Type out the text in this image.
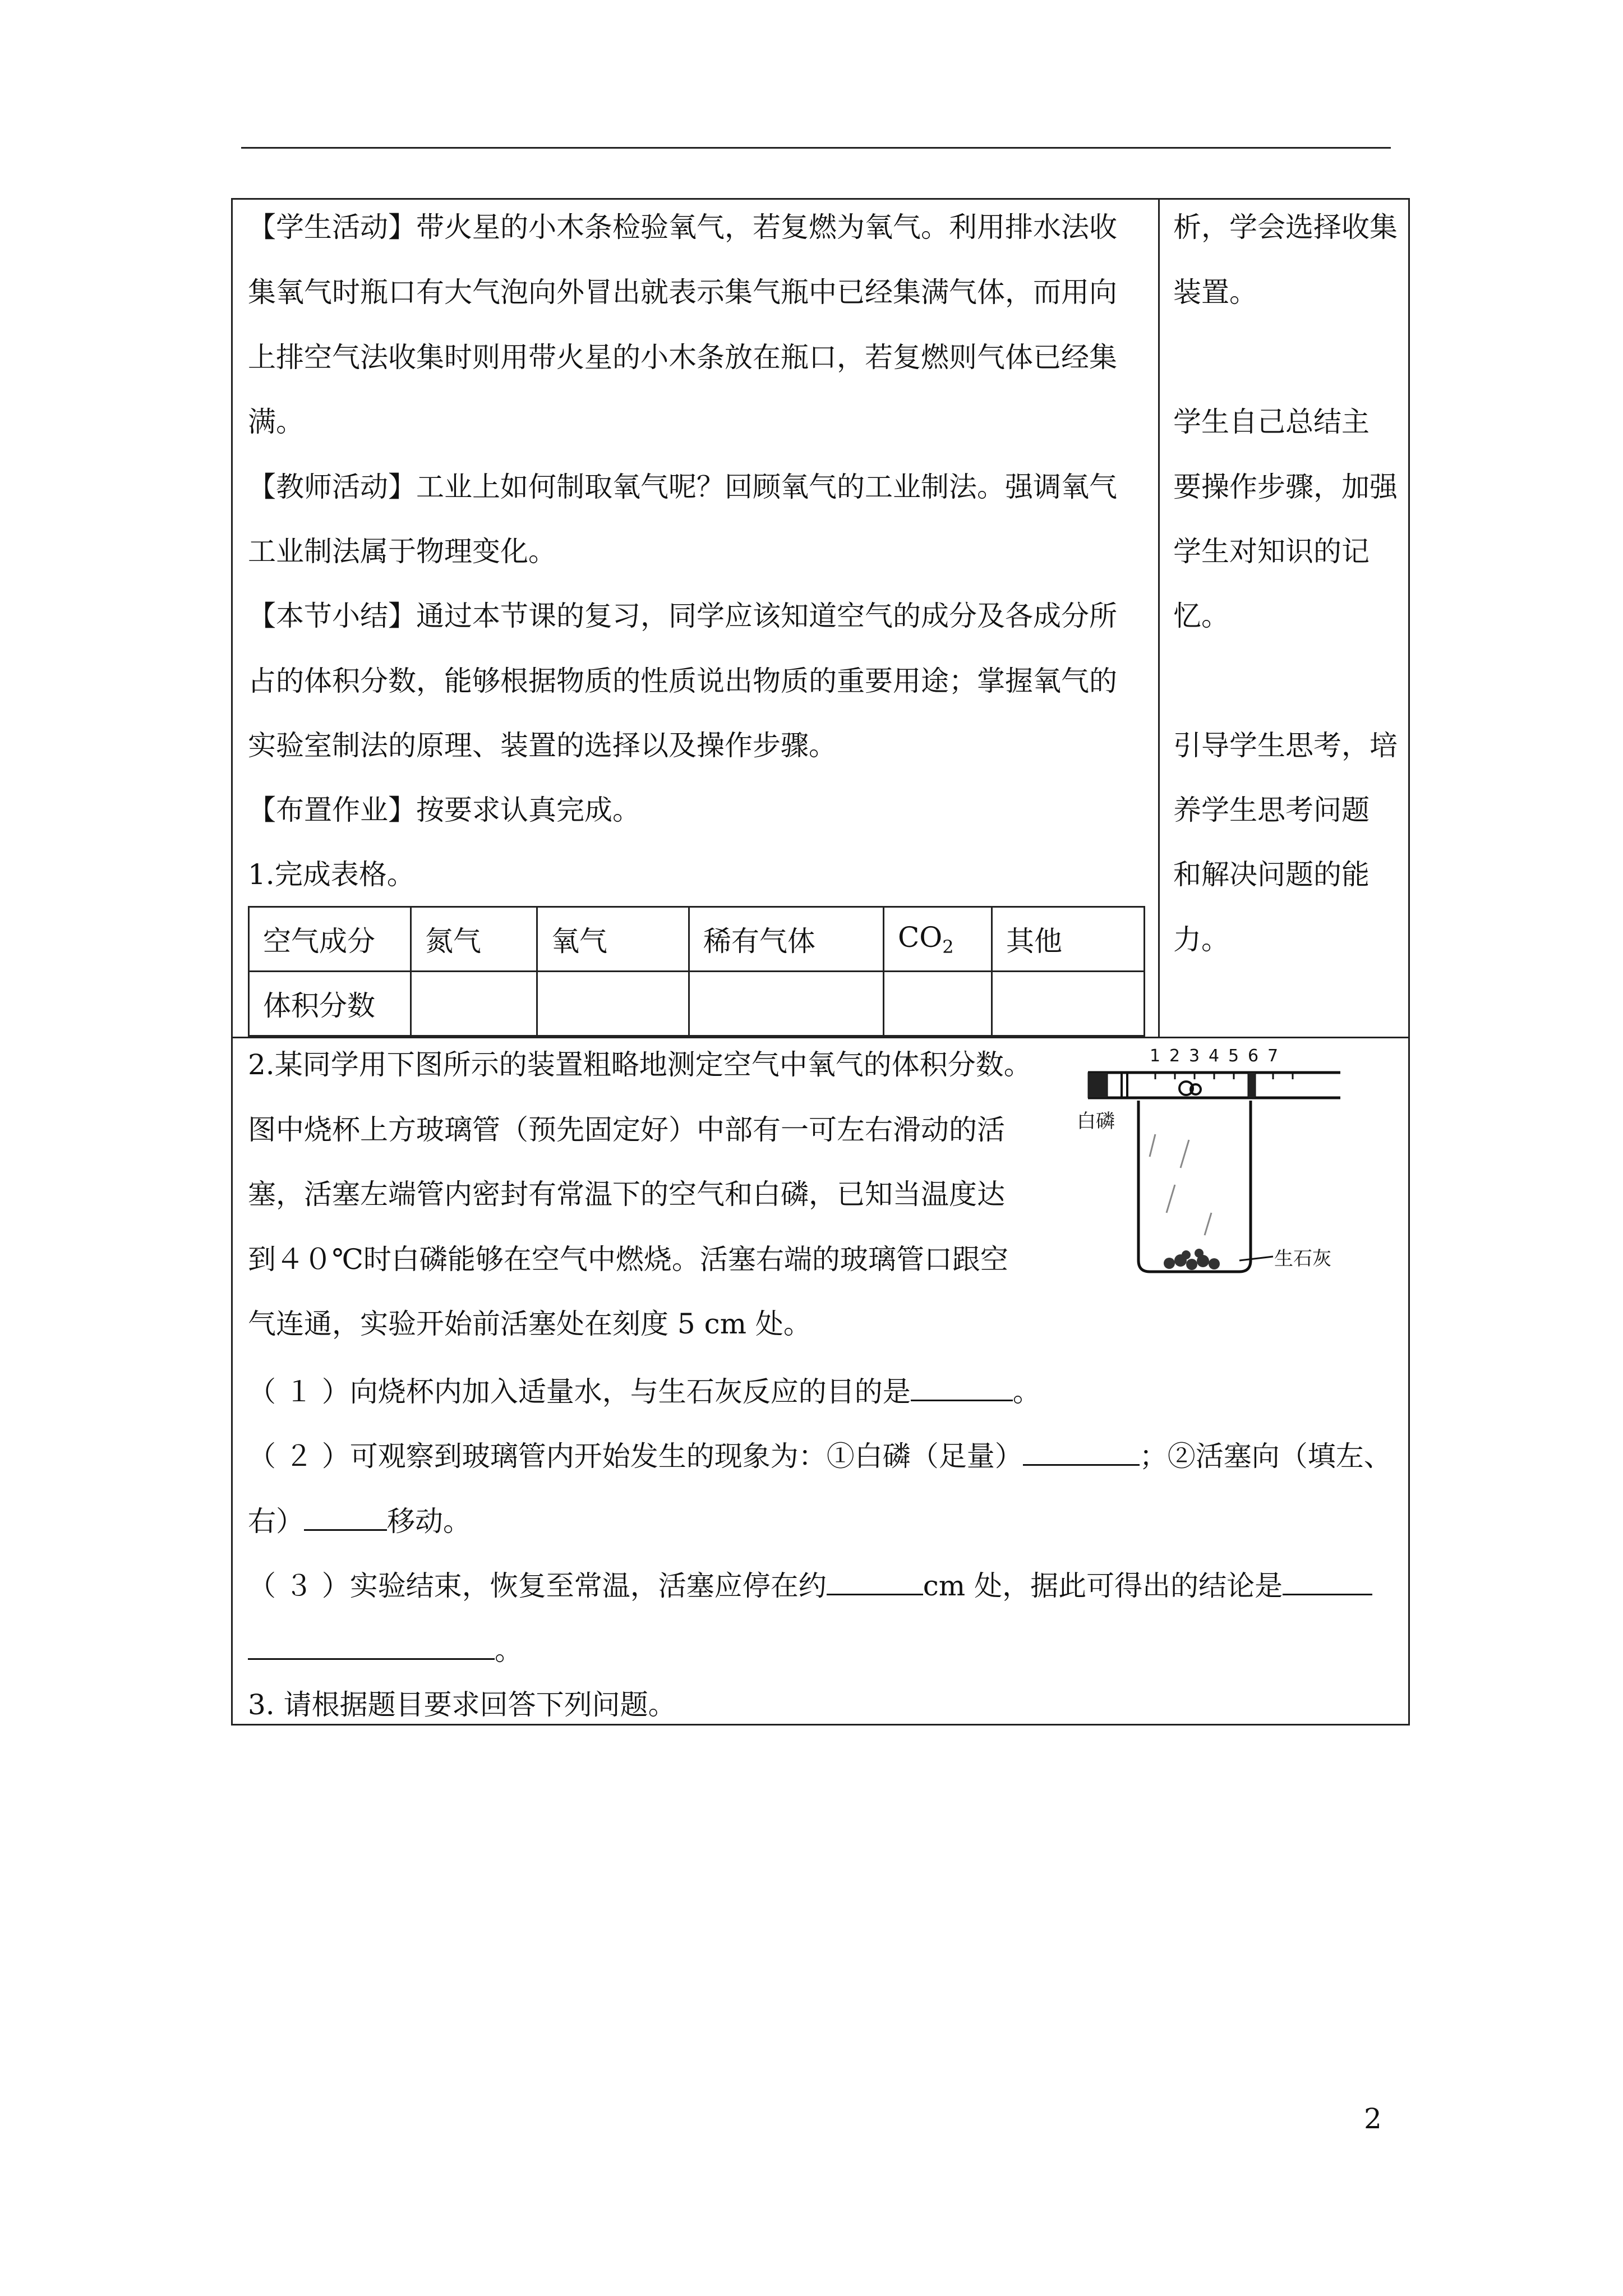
析，学会选择收集
装置。
学生自己总结主
要操作步骤，加强
学生对知识的记
忆。
引导学生思考，培
养学生思考问题
和解决问题的能
力。
【学生活动】带火星的小木条检验氧气，若复燃为氧气。利用排水法收
集氧气时瓶口有大气泡向外冒出就表示集气瓶中已经集满气体，而用向
上排空气法收集时则用带火星的小木条放在瓶口，若复燃则气体已经集
满。
【教师活动】工业上如何制取氧气呢？回顾氧气的工业制法。强调氧气
工业制法属于物理变化。
【本节小结】通过本节课的复习，同学应该知道空气的成分及各成分所
占的体积分数，能够根据物质的性质说出物质的重要用途；掌握氧气的
实验室制法的原理、装置的选择以及操作步骤。
【布置作业】按要求认真完成。
1.完成表格。
空气成分	氮气	氧气	稀有气体	$CO_2$	其他
体积分数					
2.某同学用下图所示的装置粗略地测定空气中氧气的体积分数。
图中烧杯上方玻璃管（预先固定好）中部有一可左右滑动的活
塞，活塞左端管内密封有常温下的空气和白磷，已知当温度达
到４０℃时白磷能够在空气中燃烧。活塞右端的玻璃管口跟空
气连通，实验开始前活塞处在刻度 5 cm 处。
（ １ ）向烧杯内加入适量水，与生石灰反应的目的是	。
（ ２ ）可观察到玻璃管内开始发生的现象为：①白磷（足量）	；②活塞向（填左、
右）	移动。
（ ３ ）实验结束，恢复至常温，活塞应停在约	cm 处，据此可得出的结论是
。
3. 请根据题目要求回答下列问题。
1 2 3 4 5 6 7
白磷
生石灰
2
